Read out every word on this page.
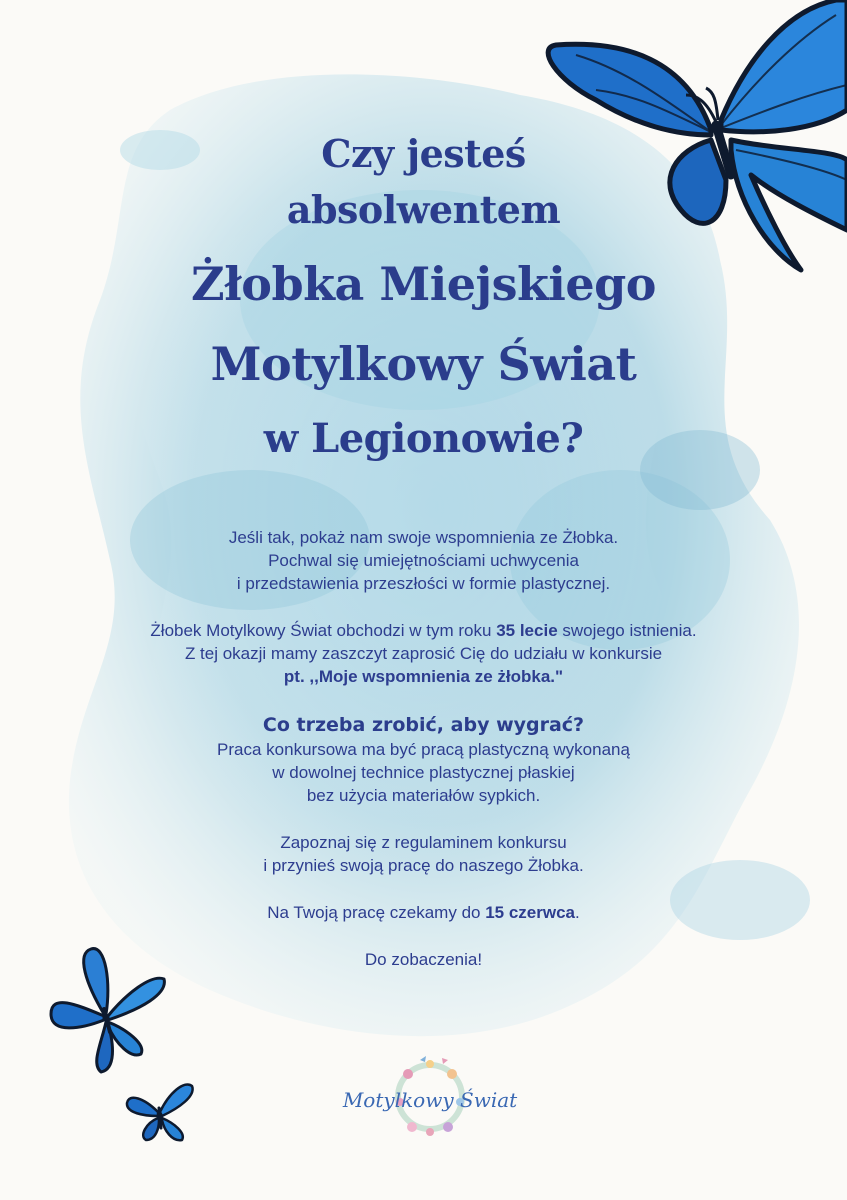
Czy jesteś

absolwentem

Żłobka Miejskiego

Motylkowy Świat

w Legionowie?

Jeśli tak, pokaż nam swoje wspomnienia ze Żłobka.

Pochwal się umiejętnościami uchwycenia

i przedstawienia przeszłości w formie plastycznej.

Żłobek Motylkowy Świat obchodzi w tym roku 35 lecie swojego istnienia.

Z tej okazji mamy zaszczyt zaprosić Cię do udziału w konkursie

pt. ,,Moje wspomnienia ze żłobka."

Co trzeba zrobić, aby wygrać?

Praca konkursowa ma być pracą plastyczną wykonaną

w dowolnej technice plastycznej płaskiej

bez użycia materiałów sypkich.

Zapoznaj się z regulaminem konkursu

i przynieś swoją pracę do naszego Żłobka.

Na Twoją pracę czekamy do 15 czerwca.

Do zobaczenia!

Motylkowy Świat
